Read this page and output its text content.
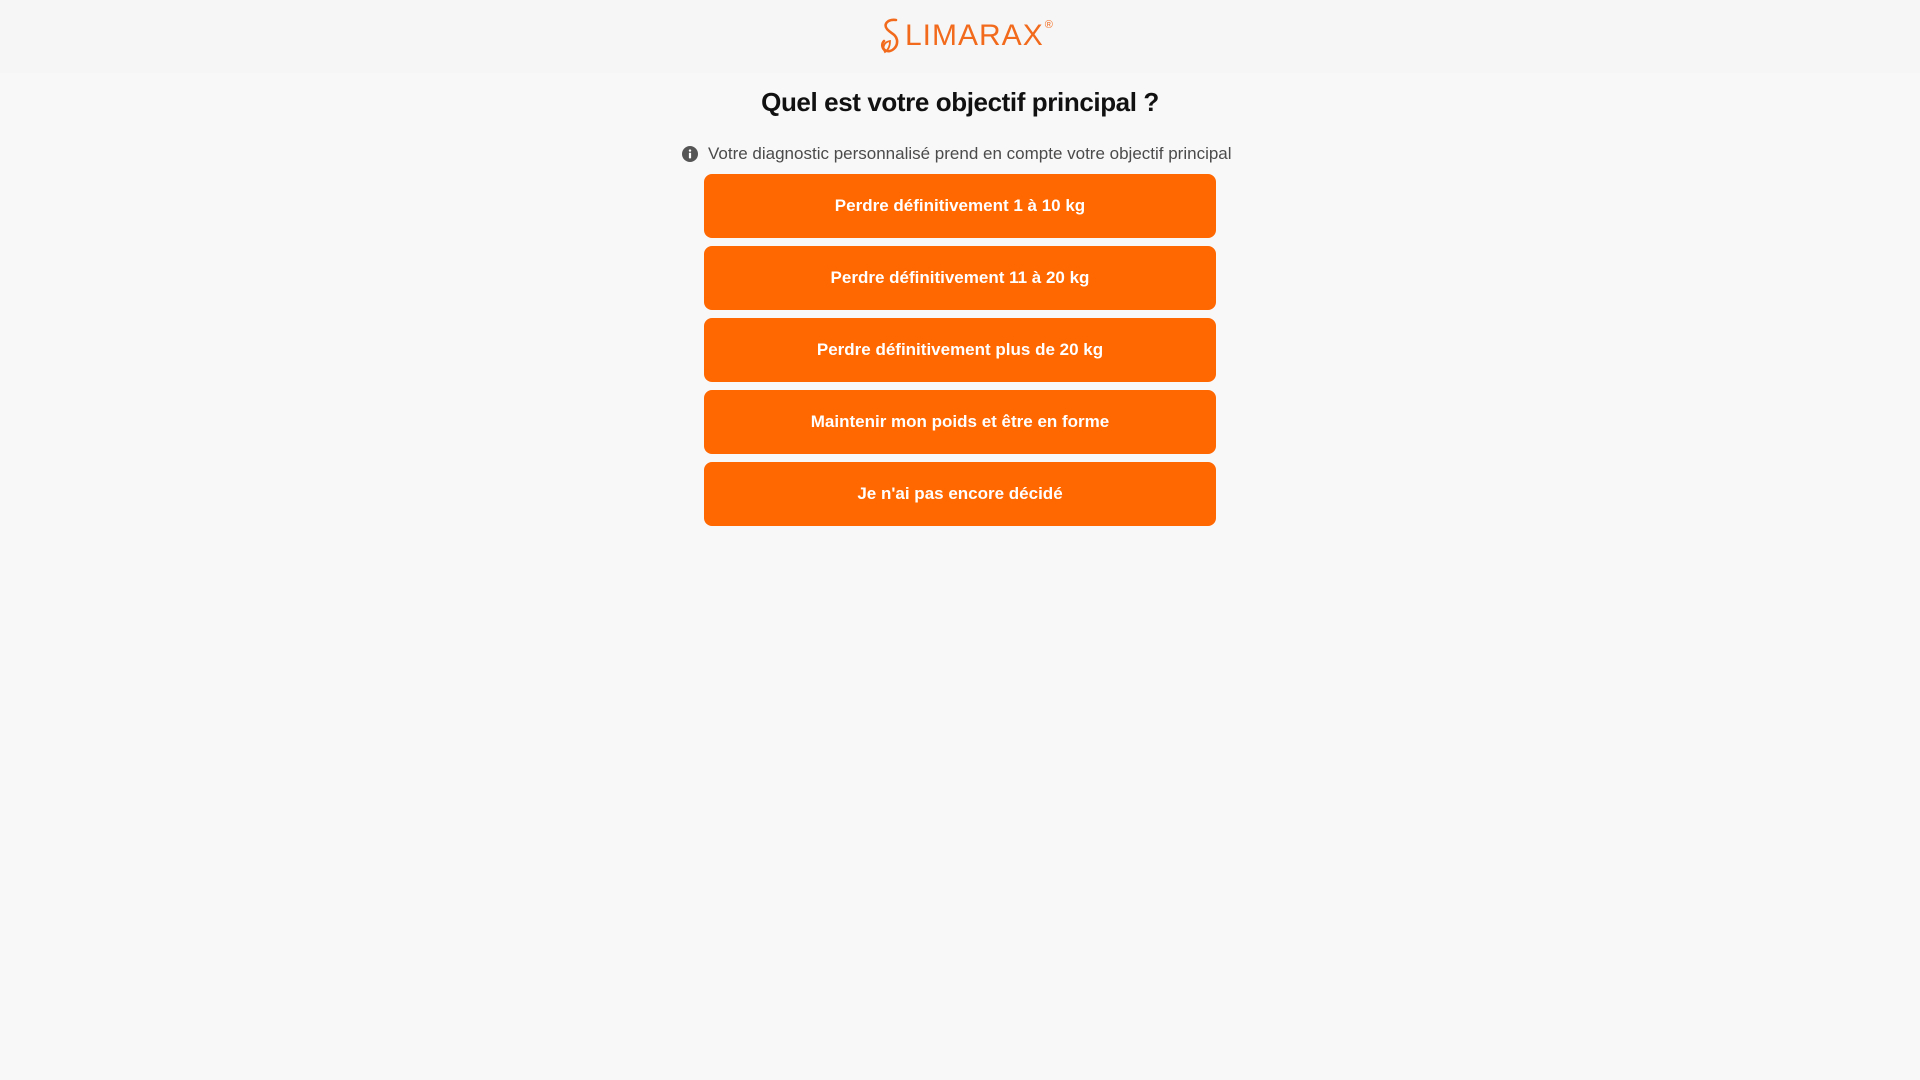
LIMARAX ®
Quel est votre objectif principal ?
Votre diagnostic personnalisé prend en compte votre objectif principal
Perdre définitivement 1 à 10 kg
Perdre définitivement 11 à 20 kg
Perdre définitivement plus de 20 kg
Maintenir mon poids et être en forme
Je n'ai pas encore décidé
